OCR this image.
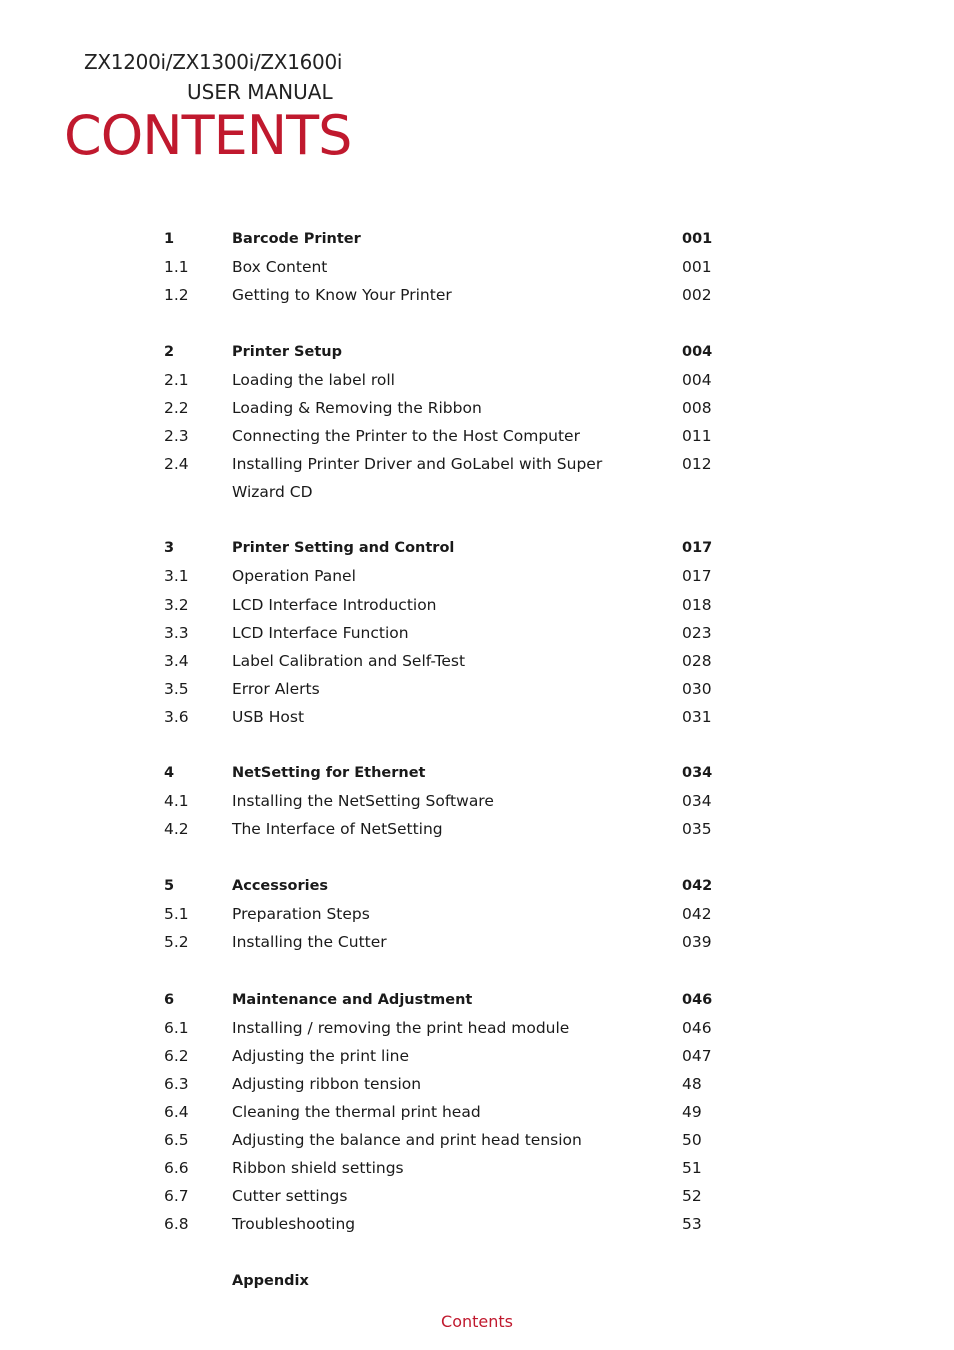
ZX1200i/ZX1300i/ZX1600i
USER MANUAL
CONTENTS
1	Barcode Printer	001
1.1	Box Content	001
1.2	Getting to Know Your Printer	002
2	Printer Setup	004
2.1	Loading the label roll	004
2.2	Loading & Removing the Ribbon	008
2.3	Connecting the Printer to the Host Computer	011
2.4	Installing Printer Driver and GoLabel with Super	012
Wizard CD
3	Printer Setting and Control	017
3.1	Operation Panel	017
3.2	LCD Interface Introduction	018
3.3	LCD Interface Function	023
3.4	Label Calibration and Self-Test	028
3.5	Error Alerts	030
3.6	USB Host	031
4	NetSetting for Ethernet	034
4.1	Installing the NetSetting Software	034
4.2	The Interface of NetSetting	035
5	Accessories	042
5.1	Preparation Steps	042
5.2	Installing the Cutter	039
6	Maintenance and Adjustment	046
6.1	Installing / removing the print head module	046
6.2	Adjusting the print line	047
6.3	Adjusting ribbon tension	48
6.4	Cleaning the thermal print head	49
6.5	Adjusting the balance and print head tension	50
6.6	Ribbon shield settings	51
6.7	Cutter settings	52
6.8	Troubleshooting	53
Appendix
Contents
